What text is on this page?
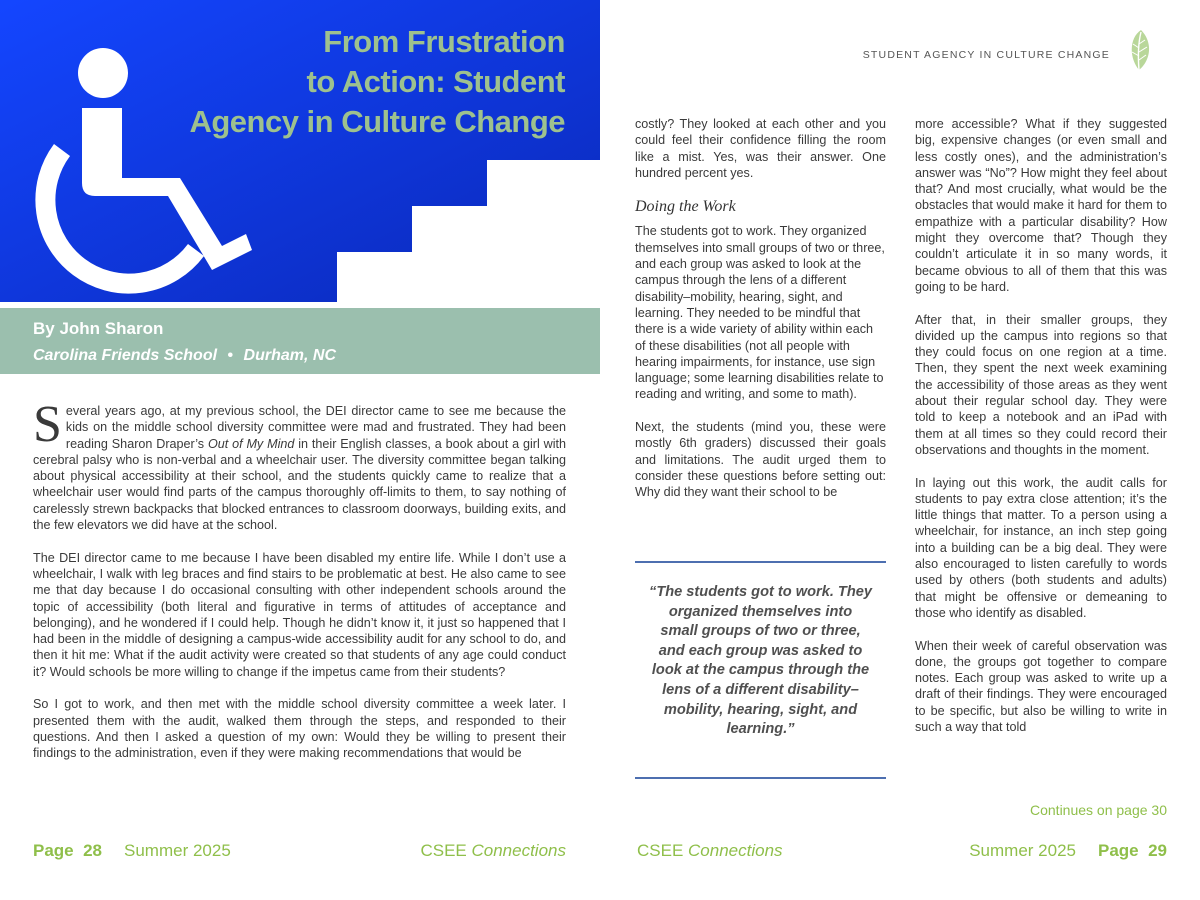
From Frustration
to Action: Student
Agency in Culture Change
By John Sharon
Carolina Friends School • Durham, NC

Several years ago, at my previous school, the DEI director came to see me because the kids on the middle school diversity committee were mad and frustrated. They had been reading Sharon Draper’s Out of My Mind in their English classes, a book about a girl with cerebral palsy who is non-verbal and a wheelchair user. The diversity committee began talking about physical accessibility at their school, and the students quickly came to realize that a wheelchair user would find parts of the campus thoroughly off-limits to them, to say nothing of carelessly strewn backpacks that blocked entrances to classroom doorways, building exits, and the few elevators we did have at the school.

The DEI director came to me because I have been disabled my entire life. While I don’t use a wheelchair, I walk with leg braces and find stairs to be problematic at best. He also came to see me that day because I do occasional consulting with other independent schools around the topic of accessibility (both literal and figurative in terms of attitudes of acceptance and belonging), and he wondered if I could help. Though he didn’t know it, it just so happened that I had been in the middle of designing a campus-wide accessibility audit for any school to do, and then it hit me: What if the audit activity were created so that students of any age could conduct it? Would schools be more willing to change if the impetus came from their students?

So I got to work, and then met with the middle school diversity committee a week later. I presented them with the audit, walked them through the steps, and responded to their questions. And then I asked a question of my own: Would they be willing to present their findings to the administration, even if they were making recommendations that would be

STUDENT AGENCY IN CULTURE CHANGE

costly? They looked at each other and you could feel their confidence filling the room like a mist. Yes, was their answer. One hundred percent yes.

Doing the Work

The students got to work. They organized themselves into small groups of two or three, and each group was asked to look at the campus through the lens of a different disability–mobility, hearing, sight, and learning. They needed to be mindful that there is a wide variety of ability within each of these disabilities (not all people with hearing impairments, for instance, use sign language; some learning disabilities relate to reading and writing, and some to math).

Next, the students (mind you, these were mostly 6th graders) discussed their goals and limitations. The audit urged them to consider these questions before setting out: Why did they want their school to be

“The students got to work. They organized themselves into small groups of two or three, and each group was asked to look at the campus through the lens of a different disability–mobility, hearing, sight, and learning.”

more accessible? What if they suggested big, expensive changes (or even small and less costly ones), and the administration’s answer was “No”? How might they feel about that? And most crucially, what would be the obstacles that would make it hard for them to empathize with a particular disability? How might they overcome that? Though they couldn’t articulate it in so many words, it became obvious to all of them that this was going to be hard.

After that, in their smaller groups, they divided up the campus into regions so that they could focus on one region at a time. Then, they spent the next week examining the accessibility of those areas as they went about their regular school day. They were told to keep a notebook and an iPad with them at all times so they could record their observations and thoughts in the moment.

In laying out this work, the audit calls for students to pay extra close attention; it’s the little things that matter. To a person using a wheelchair, for instance, an inch step going into a building can be a big deal. They were also encouraged to listen carefully to words used by others (both students and adults) that might be offensive or demeaning to those who identify as disabled.

When their week of careful observation was done, the groups got together to compare notes. Each group was asked to write up a draft of their findings. They were encouraged to be specific, but also be willing to write in such a way that told

Continues on page 30
Page 28 Summer 2025	CSEE Connections	CSEE Connections	Summer 2025 Page 29
